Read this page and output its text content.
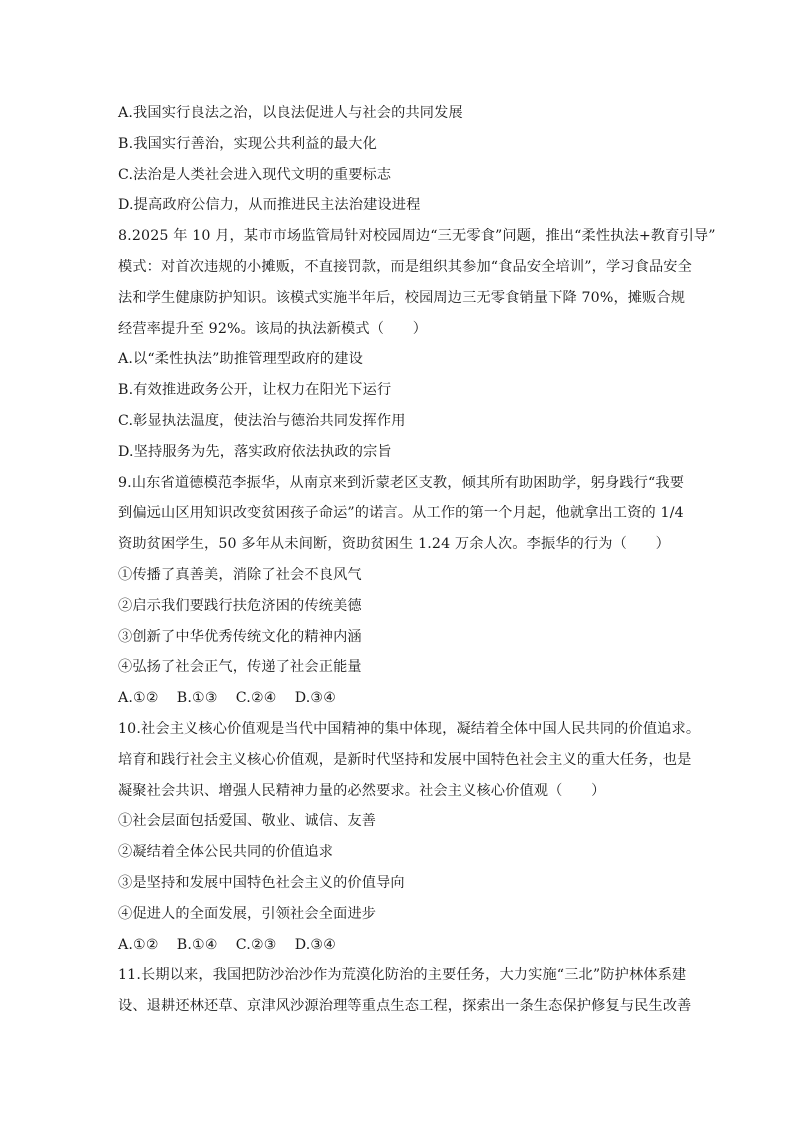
A.我国实行良法之治，以良法促进人与社会的共同发展
B.我国实行善治，实现公共利益的最大化
C.法治是人类社会进入现代文明的重要标志
D.提高政府公信力，从而推进民主法治建设进程
8.2025 年 10 月，某市市场监管局针对校园周边“三无零食”问题，推出“柔性执法+教育引导”
模式：对首次违规的小摊贩，不直接罚款，而是组织其参加“食品安全培训”，学习食品安全
法和学生健康防护知识。该模式实施半年后，校园周边三无零食销量下降 70%，摊贩合规
经营率提升至 92%。该局的执法新模式（　　）
A.以“柔性执法”助推管理型政府的建设
B.有效推进政务公开，让权力在阳光下运行
C.彰显执法温度，使法治与德治共同发挥作用
D.坚持服务为先，落实政府依法执政的宗旨
9.山东省道德模范李振华，从南京来到沂蒙老区支教，倾其所有助困助学，躬身践行“我要
到偏远山区用知识改变贫困孩子命运”的诺言。从工作的第一个月起，他就拿出工资的 1/4
资助贫困学生，50 多年从未间断，资助贫困生 1.24 万余人次。李振华的行为（　　）
①传播了真善美，消除了社会不良风气
②启示我们要践行扶危济困的传统美德
③创新了中华优秀传统文化的精神内涵
④弘扬了社会正气，传递了社会正能量
A.①② B.①③ C.②④ D.③④
10.社会主义核心价值观是当代中国精神的集中体现，凝结着全体中国人民共同的价值追求。
培育和践行社会主义核心价值观，是新时代坚持和发展中国特色社会主义的重大任务，也是
凝聚社会共识、增强人民精神力量的必然要求。社会主义核心价值观（　　）
①社会层面包括爱国、敬业、诚信、友善
②凝结着全体公民共同的价值追求
③是坚持和发展中国特色社会主义的价值导向
④促进人的全面发展，引领社会全面进步
A.①② B.①④ C.②③ D.③④
11.长期以来，我国把防沙治沙作为荒漠化防治的主要任务，大力实施“三北”防护林体系建
设、退耕还林还草、京津风沙源治理等重点生态工程，探索出一条生态保护修复与民生改善
